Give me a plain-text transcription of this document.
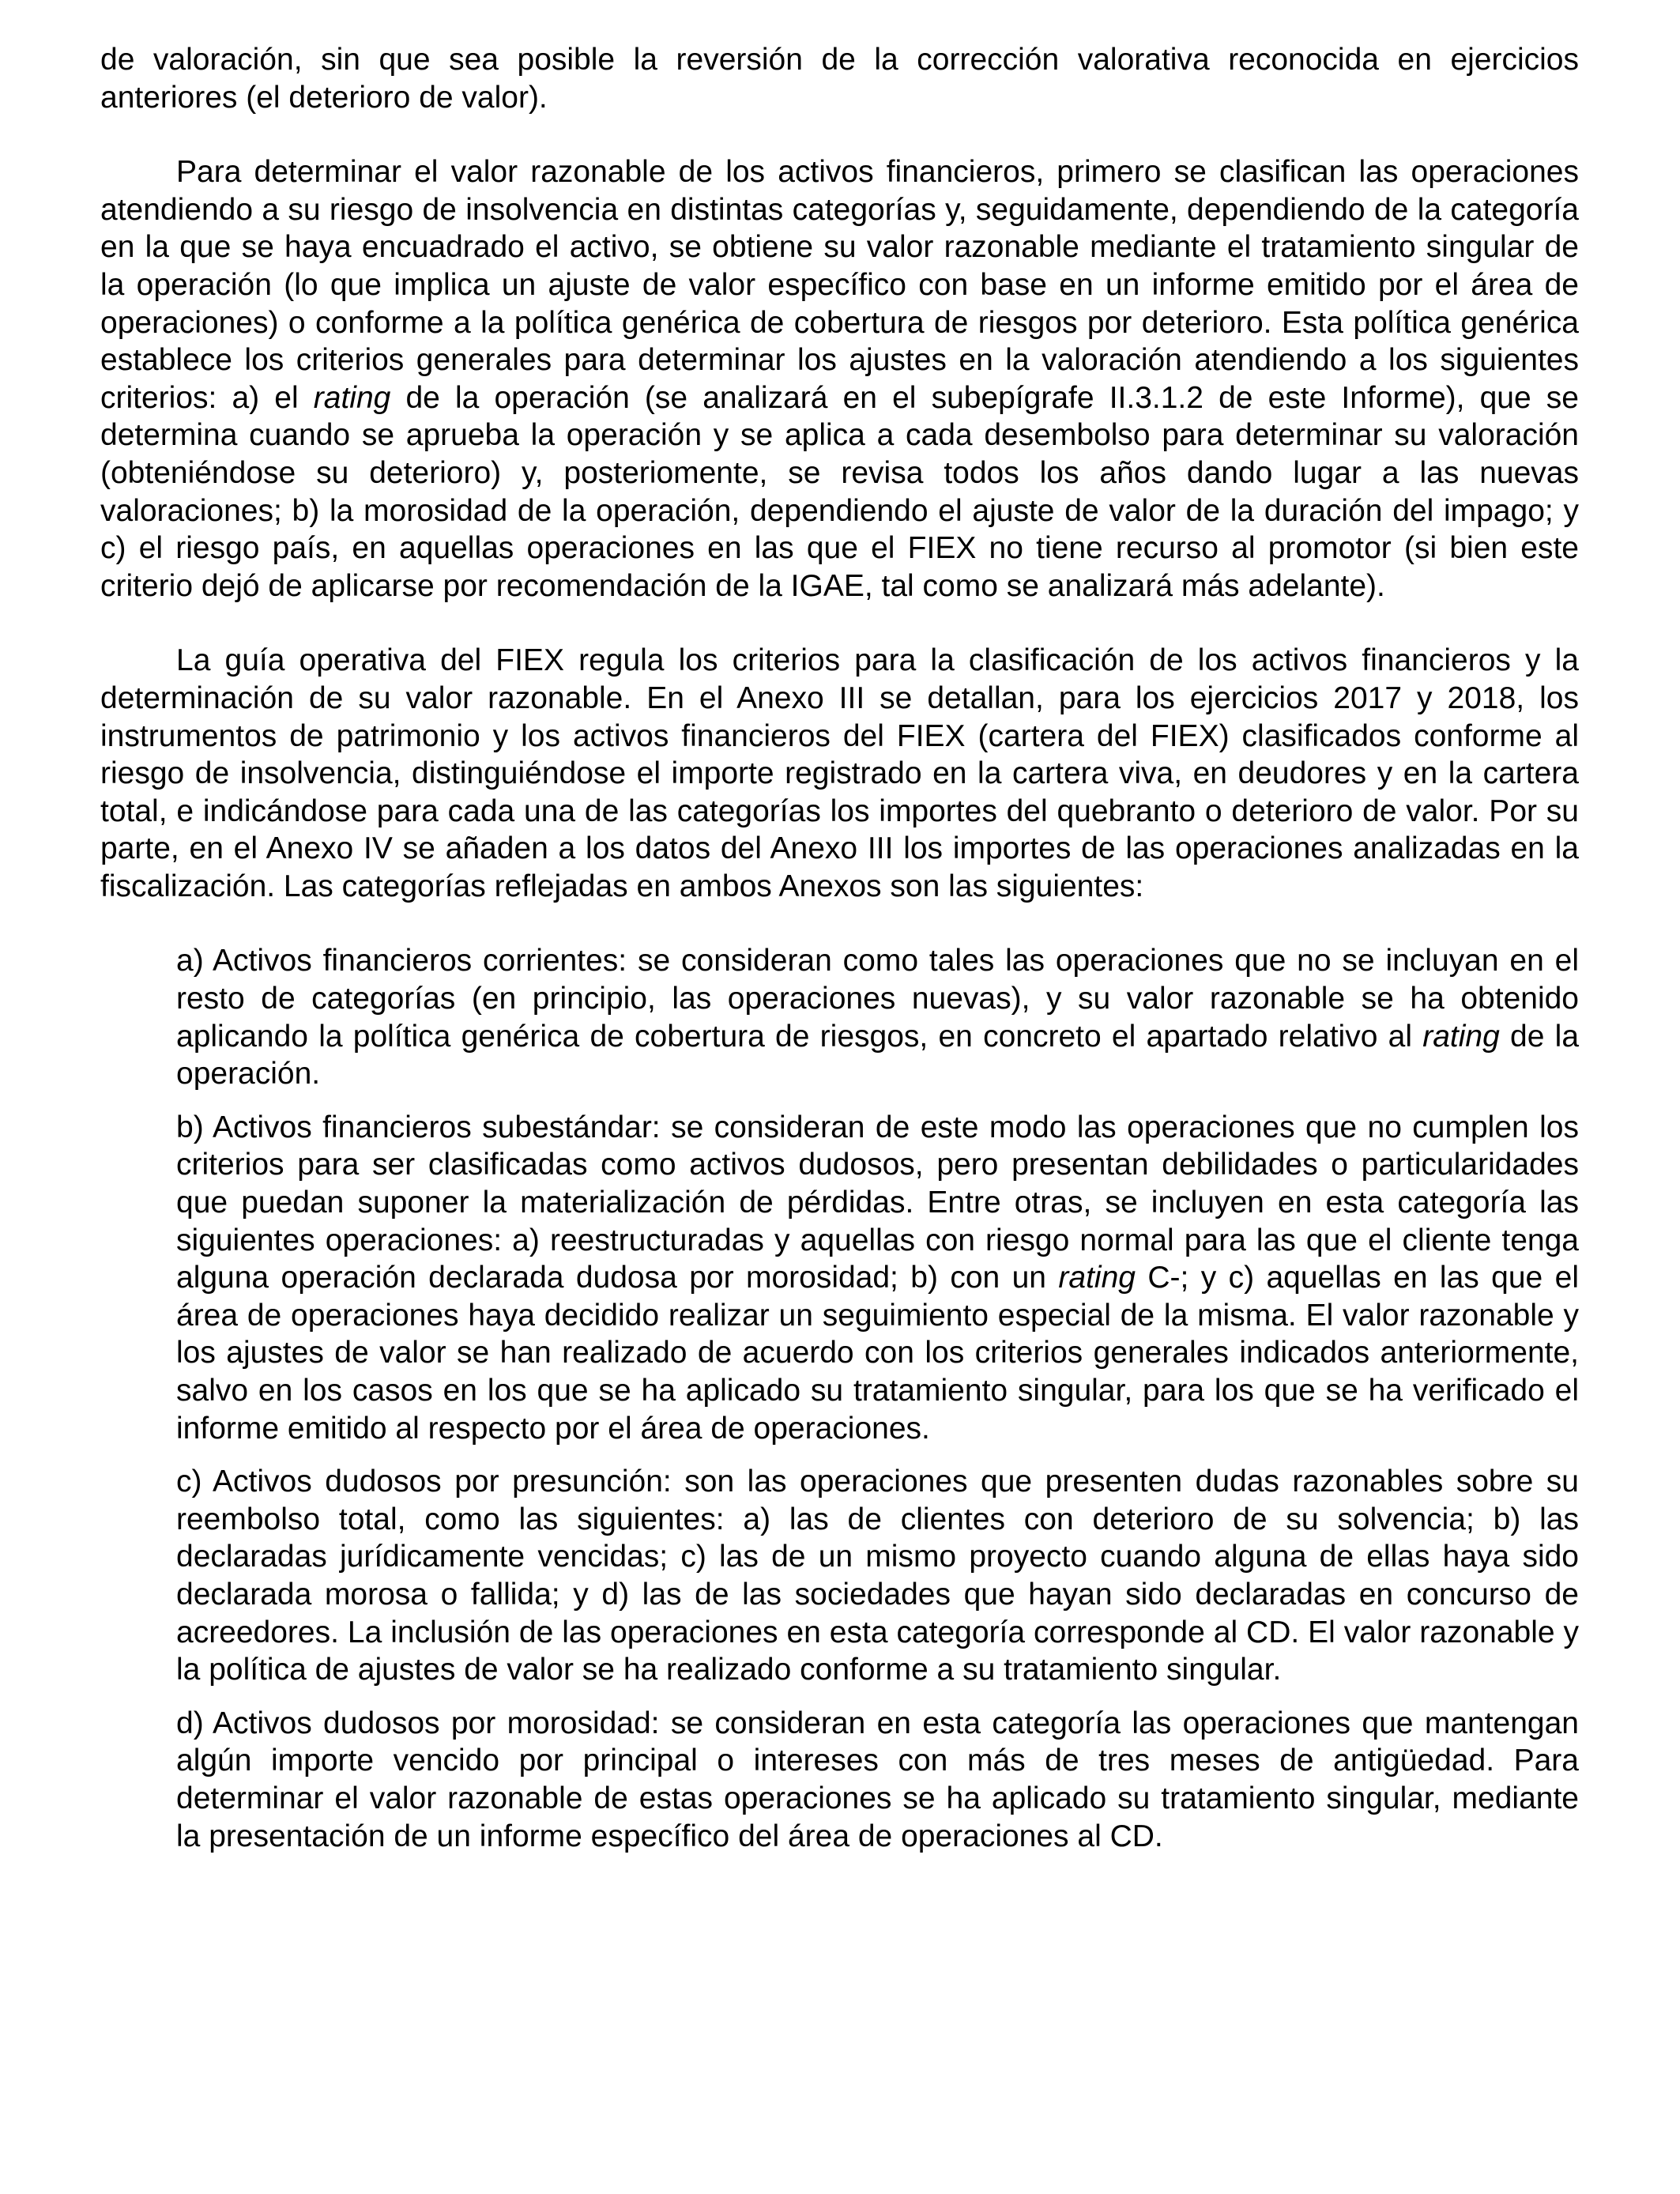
de valoración, sin que sea posible la reversión de la corrección valorativa reconocida en ejercicios anteriores (el deterioro de valor).

Para determinar el valor razonable de los activos financieros, primero se clasifican las operaciones atendiendo a su riesgo de insolvencia en distintas categorías y, seguidamente, dependiendo de la categoría en la que se haya encuadrado el activo, se obtiene su valor razonable mediante el tratamiento singular de la operación (lo que implica un ajuste de valor específico con base en un informe emitido por el área de operaciones) o conforme a la política genérica de cobertura de riesgos por deterioro. Esta política genérica establece los criterios generales para determinar los ajustes en la valoración atendiendo a los siguientes criterios: a) el rating de la operación (se analizará en el subepígrafe II.3.1.2 de este Informe), que se determina cuando se aprueba la operación y se aplica a cada desembolso para determinar su valoración (obteniéndose su deterioro) y, posteriomente, se revisa todos los años dando lugar a las nuevas valoraciones; b) la morosidad de la operación, dependiendo el ajuste de valor de la duración del impago; y c) el riesgo país, en aquellas operaciones en las que el FIEX no tiene recurso al promotor (si bien este criterio dejó de aplicarse por recomendación de la IGAE, tal como se analizará más adelante).

La guía operativa del FIEX regula los criterios para la clasificación de los activos financieros y la determinación de su valor razonable. En el Anexo III se detallan, para los ejercicios 2017 y 2018, los instrumentos de patrimonio y los activos financieros del FIEX (cartera del FIEX) clasificados conforme al riesgo de insolvencia, distinguiéndose el importe registrado en la cartera viva, en deudores y en la cartera total, e indicándose para cada una de las categorías los importes del quebranto o deterioro de valor. Por su parte, en el Anexo IV se añaden a los datos del Anexo III los importes de las operaciones analizadas en la fiscalización. Las categorías reflejadas en ambos Anexos son las siguientes:

a) Activos financieros corrientes: se consideran como tales las operaciones que no se incluyan en el resto de categorías (en principio, las operaciones nuevas), y su valor razonable se ha obtenido aplicando la política genérica de cobertura de riesgos, en concreto el apartado relativo al rating de la operación.
b) Activos financieros subestándar: se consideran de este modo las operaciones que no cumplen los criterios para ser clasificadas como activos dudosos, pero presentan debilidades o particularidades que puedan suponer la materialización de pérdidas. Entre otras, se incluyen en esta categoría las siguientes operaciones: a) reestructuradas y aquellas con riesgo normal para las que el cliente tenga alguna operación declarada dudosa por morosidad; b) con un rating C-; y c) aquellas en las que el área de operaciones haya decidido realizar un seguimiento especial de la misma. El valor razonable y los ajustes de valor se han realizado de acuerdo con los criterios generales indicados anteriormente, salvo en los casos en los que se ha aplicado su tratamiento singular, para los que se ha verificado el informe emitido al respecto por el área de operaciones.
c) Activos dudosos por presunción: son las operaciones que presenten dudas razonables sobre su reembolso total, como las siguientes: a) las de clientes con deterioro de su solvencia; b) las declaradas jurídicamente vencidas; c) las de un mismo proyecto cuando alguna de ellas haya sido declarada morosa o fallida; y d) las de las sociedades que hayan sido declaradas en concurso de acreedores. La inclusión de las operaciones en esta categoría corresponde al CD. El valor razonable y la política de ajustes de valor se ha realizado conforme a su tratamiento singular.
d) Activos dudosos por morosidad: se consideran en esta categoría las operaciones que mantengan algún importe vencido por principal o intereses con más de tres meses de antigüedad. Para determinar el valor razonable de estas operaciones se ha aplicado su tratamiento singular, mediante la presentación de un informe específico del área de operaciones al CD.
